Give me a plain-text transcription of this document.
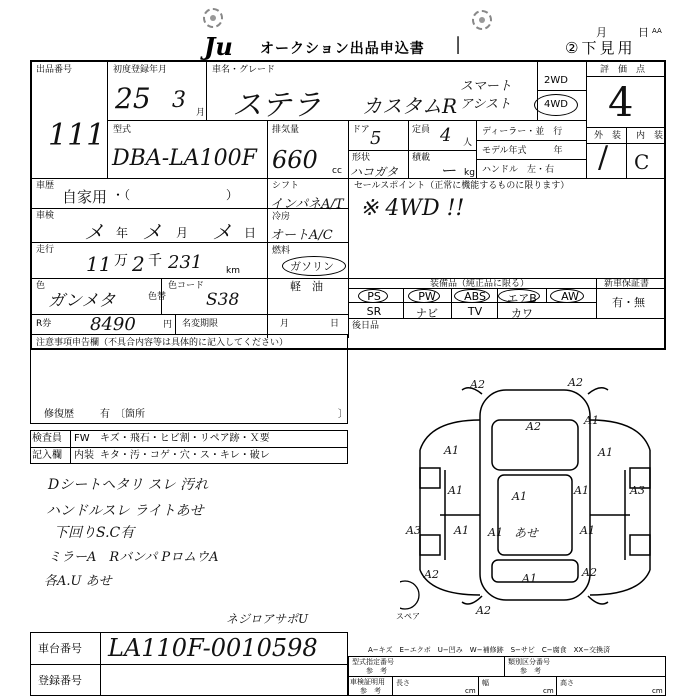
Ju オークション出品申込書 |
月	日 AA
②下見用
出品番号
111
初度登録年月
25 3 月
車名・グレード
ステラ カスタムR
スマートアシスト
2WD
4WD
評　価　点
4
型式
DBA-LA100F
排気量
660 cc
ドア 5	定員 4 人
形状
ハコガタ
積載
ー kg
ディーラー・並　行
モデル年式　　　年
ハンドル　左・右
外　装 内　装
/ C
車歴
自家用 ・（　　　　　　　　）
シフト
インパネA/T
セールスポイント（正常に機能するものに限ります）
※ 4WD !!
車検
メ 年 メ 月 メ 日
冷房
オートA/C
走行
11 万 2 千 231	km
燃料
ガソリン
軽　油
色
ガンメタ	色替
色コード
S38
R券 8490	円 名変期限	月	日
装備品（純正品に限る）	新車保証書
有・無
PS	PW	ABS	エアB	AW
SR	ナビ	TV	カワ
後日品
注意事項申告欄（不具合内容等は具体的に記入してください）
修復歴	有　〔箇所	〕
検査員
記入欄
FW キズ・飛石・ヒビ割・リペア跡・Ｘ要
内装 キタ・汚・コゲ・穴・ス・キレ・破レ
Dシートヘタリ スレ 汚れ
ハンドルスレ ライトあせ
下回りS.C有
ミラーA　Rバンパ PロムウA
各A.U あせ
ネジロアサポU	スペア
A2	A2
A2	A1
A1	A1
A1	A1	A1	A3
A3	A1 A1 あせ	A1
A2	A1	A2
A2
車台番号 LA110F-0010598
登録番号
A−キズ　E−エクボ　U−凹み　W−補修跡　S−サビ　C−腐食　XX−交換済
型式指定番号
参　考
類別区分番号
参　考
車検証明用
参　考
長さ
cm
幅
cm
高さ
cm
